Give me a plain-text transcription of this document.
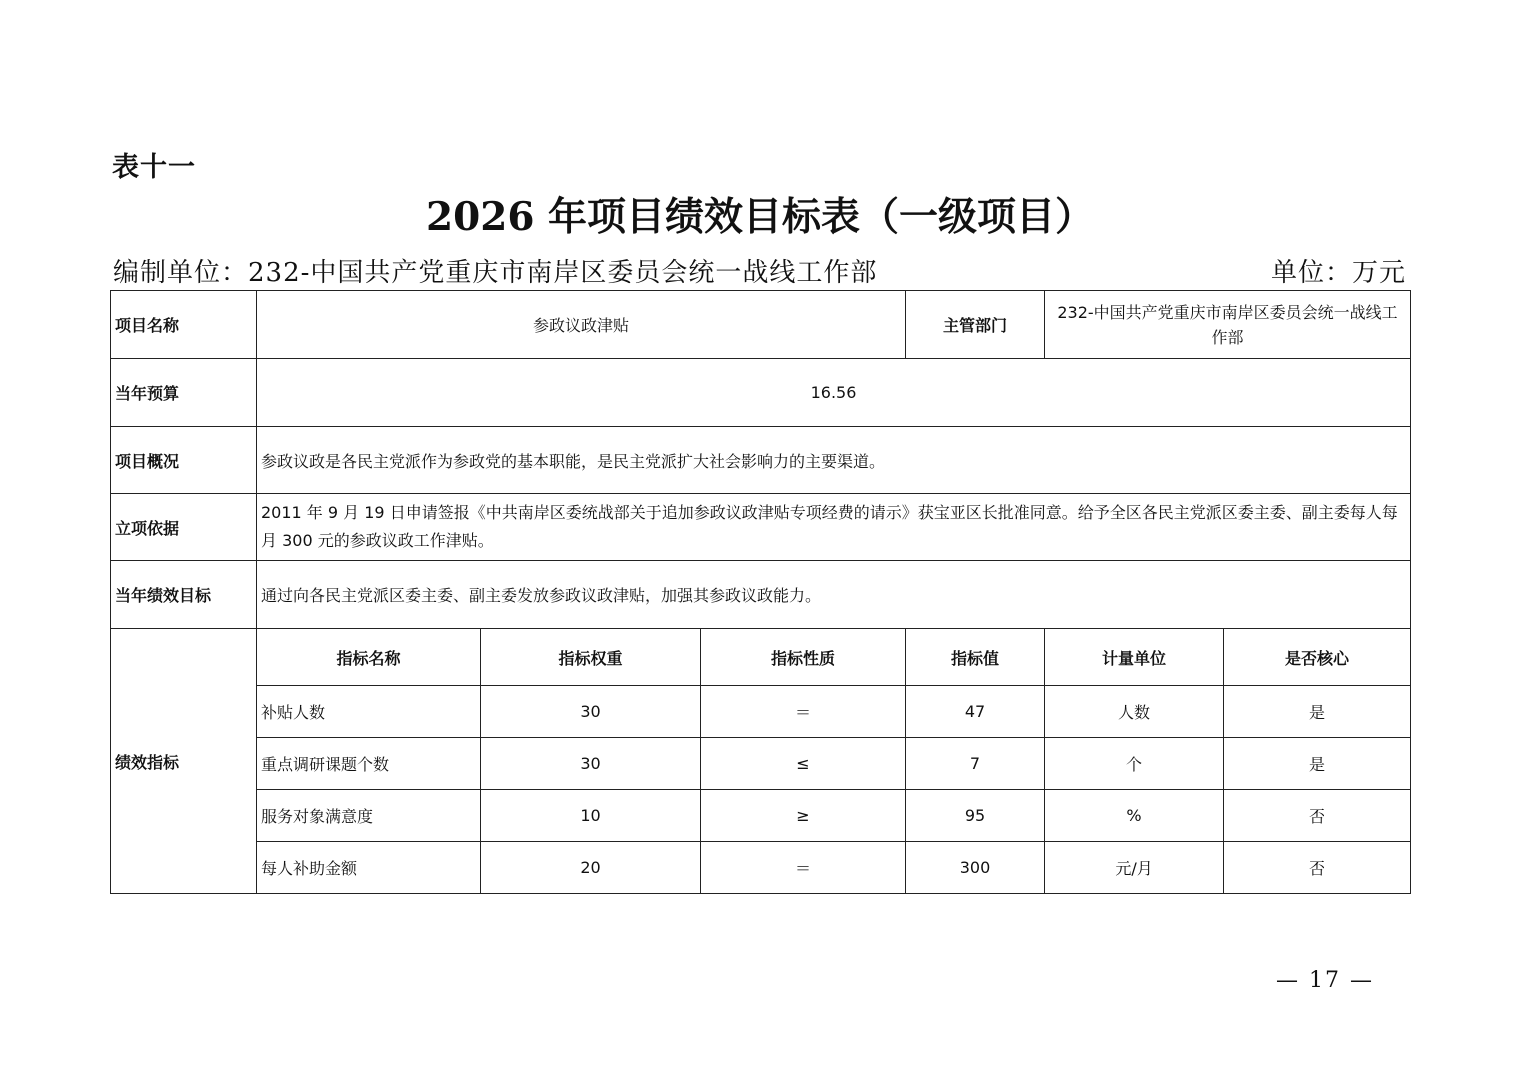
表十一
2026 年项目绩效目标表（一级项目）
编制单位：232-中国共产党重庆市南岸区委员会统一战线工作部	单位：万元
项目名称	参政议政津贴			主管部门	232-中国共产党重庆市南岸区委员会统一战线工作部	
当年预算	16.56					
项目概况	参政议政是各民主党派作为参政党的基本职能，是民主党派扩大社会影响力的主要渠道。					
立项依据	2011 年 9 月 19 日申请签报《中共南岸区委统战部关于追加参政议政津贴专项经费的请示》获宝亚区长批准同意。给予全区各民主党派区委主委、副主委每人每月 300 元的参政议政工作津贴。					
当年绩效目标	通过向各民主党派区委主委、副主委发放参政议政津贴，加强其参政议政能力。					
绩效指标	指标名称	指标权重	指标性质	指标值	计量单位	是否核心
	补贴人数	30	＝	47	人数	是
	重点调研课题个数	30	≤	7	个	是
	服务对象满意度	10	≥	95	%	否
	每人补助金额	20	＝	300	元/月	否
— 17 —
